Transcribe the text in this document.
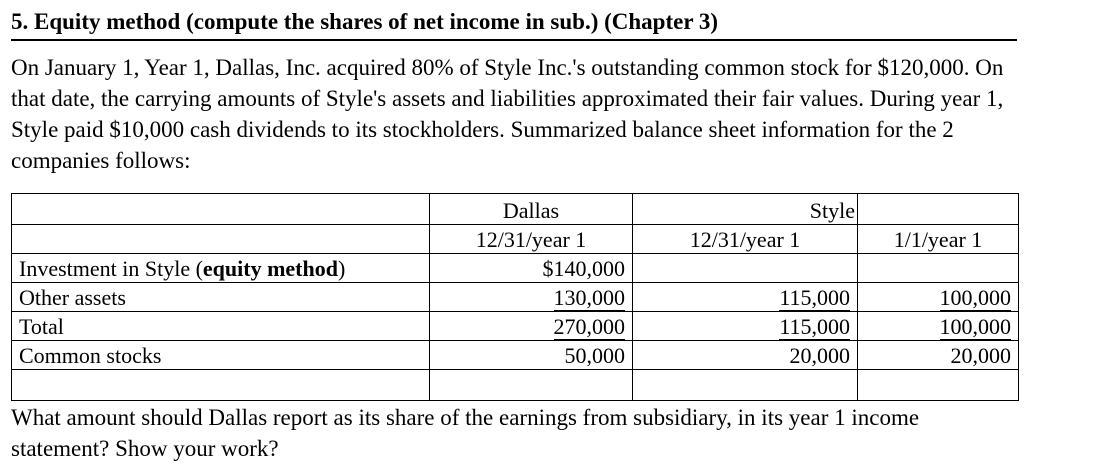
5. Equity method (compute the shares of net income in sub.) (Chapter 3)

On January 1, Year 1, Dallas, Inc. acquired 80% of Style Inc.'s outstanding common stock for $120,000. On that date, the carrying amounts of Style's assets and liabilities approximated their fair values. During year 1, Style paid $10,000 cash dividends to its stockholders. Summarized balance sheet information for the 2 companies follows:

	Dallas	Style	
	12/31/year 1	12/31/year 1	1/1/year 1
Investment in Style (equity method)	$140,000		
Other assets	130,000	115,000	100,000
Total	270,000	115,000	100,000
Common stocks	50,000	20,000	20,000

What amount should Dallas report as its share of the earnings from subsidiary, in its year 1 income statement? Show your work?
